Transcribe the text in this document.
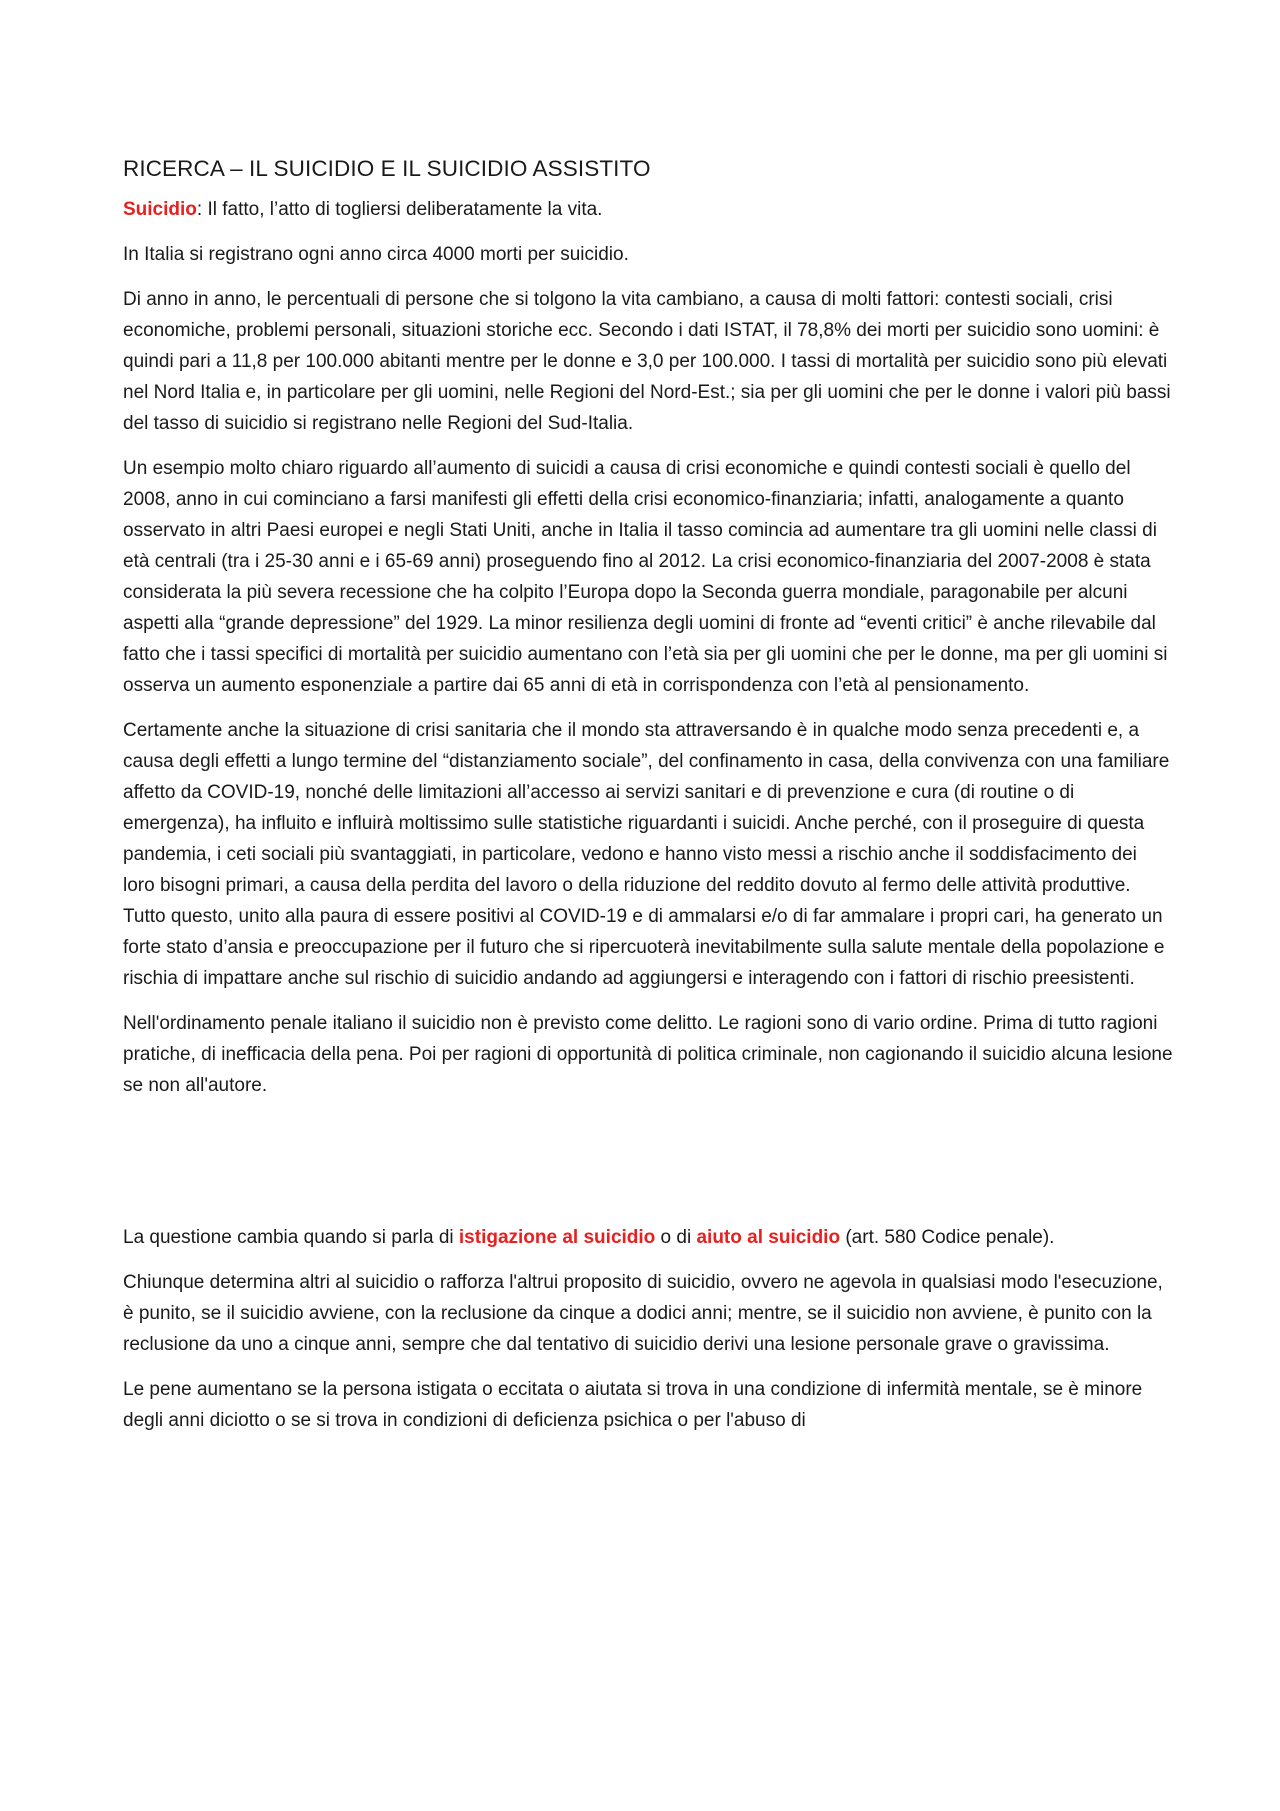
RICERCA – IL SUICIDIO E IL SUICIDIO ASSISTITO

Suicidio: Il fatto, l’atto di togliersi deliberatamente la vita.

In Italia si registrano ogni anno circa 4000 morti per suicidio.

Di anno in anno, le percentuali di persone che si tolgono la vita cambiano, a causa di molti fattori: contesti sociali, crisi economiche, problemi personali, situazioni storiche ecc. Secondo i dati ISTAT, il 78,8% dei morti per suicidio sono uomini: è quindi pari a 11,8 per 100.000 abitanti mentre per le donne e 3,0 per 100.000. I tassi di mortalità per suicidio sono più elevati nel Nord Italia e, in particolare per gli uomini, nelle Regioni del Nord-Est.; sia per gli uomini che per le donne i valori più bassi del tasso di suicidio si registrano nelle Regioni del Sud-Italia.

Un esempio molto chiaro riguardo all’aumento di suicidi a causa di crisi economiche e quindi contesti sociali è quello del 2008, anno in cui cominciano a farsi manifesti gli effetti della crisi economico-finanziaria; infatti, analogamente a quanto osservato in altri Paesi europei e negli Stati Uniti, anche in Italia il tasso comincia ad aumentare tra gli uomini nelle classi di età centrali (tra i 25-30 anni e i 65-69 anni) proseguendo fino al 2012. La crisi economico-finanziaria del 2007-2008 è stata considerata la più severa recessione che ha colpito l’Europa dopo la Seconda guerra mondiale, paragonabile per alcuni aspetti alla “grande depressione” del 1929. La minor resilienza degli uomini di fronte ad “eventi critici” è anche rilevabile dal fatto che i tassi specifici di mortalità per suicidio aumentano con l’età sia per gli uomini che per le donne, ma per gli uomini si osserva un aumento esponenziale a partire dai 65 anni di età in corrispondenza con l’età al pensionamento.

Certamente anche la situazione di crisi sanitaria che il mondo sta attraversando è in qualche modo senza precedenti e, a causa degli effetti a lungo termine del “distanziamento sociale”, del confinamento in casa, della convivenza con una familiare affetto da COVID-19, nonché delle limitazioni all’accesso ai servizi sanitari e di prevenzione e cura (di routine o di emergenza), ha influito e influirà moltissimo sulle statistiche riguardanti i suicidi. Anche perché, con il proseguire di questa pandemia, i ceti sociali più svantaggiati, in particolare, vedono e hanno visto messi a rischio anche il soddisfacimento dei loro bisogni primari, a causa della perdita del lavoro o della riduzione del reddito dovuto al fermo delle attività produttive. Tutto questo, unito alla paura di essere positivi al COVID-19 e di ammalarsi e/o di far ammalare i propri cari, ha generato un forte stato d’ansia e preoccupazione per il futuro che si ripercuoterà inevitabilmente sulla salute mentale della popolazione e rischia di impattare anche sul rischio di suicidio andando ad aggiungersi e interagendo con i fattori di rischio preesistenti.

Nell'ordinamento penale italiano il suicidio non è previsto come delitto. Le ragioni sono di vario ordine. Prima di tutto ragioni pratiche, di inefficacia della pena. Poi per ragioni di opportunità di politica criminale, non cagionando il suicidio alcuna lesione se non all'autore.

La questione cambia quando si parla di istigazione al suicidio o di aiuto al suicidio (art. 580 Codice penale).

Chiunque determina altri al suicidio o rafforza l'altrui proposito di suicidio, ovvero ne agevola in qualsiasi modo l'esecuzione, è punito, se il suicidio avviene, con la reclusione da cinque a dodici anni; mentre, se il suicidio non avviene, è punito con la reclusione da uno a cinque anni, sempre che dal tentativo di suicidio derivi una lesione personale grave o gravissima.

Le pene aumentano se la persona istigata o eccitata o aiutata si trova in una condizione di infermità mentale, se è minore degli anni diciotto o se si trova in condizioni di deficienza psichica o per l'abuso di
